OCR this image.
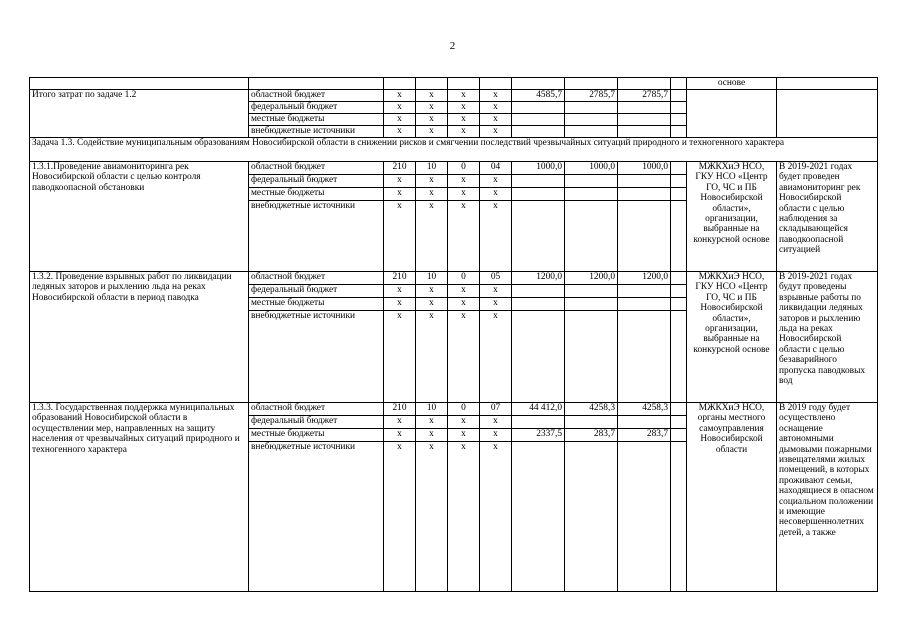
2
										основе	
Итого затрат по задаче 1.2	областной бюджет	х	х	х	х	4585,7	2785,7	2785,7			
	федеральный бюджет	х	х	х	х						
	местные бюджеты	х	х	х	х						
	внебюджетные источники	х	х	х	х						
Задача 1.3. Содействие муниципальным образованиям Новосибирской области в снижении рисков и смягчении последствий чрезвычайных ситуаций природного и техногенного характера											
1.3.1.Проведение авиамониторинга рек Новосибирской области с целью контроля паводкоопасной обстановки	областной бюджет	210	10	0	04	1000,0	1000,0	1000,0		МЖКХиЭ НСО, ГКУ НСО «Центр ГО, ЧС и ПБ Новосибирской области», организации, выбранные на конкурсной основе	В 2019-2021 годах будет проведен авиамониторинг рек Новосибирской области с целью наблюдения за складывающейся паводкоопасной ситуацией
	федеральный бюджет	х	х	х	х						
	местные бюджеты	х	х	х	х						
	внебюджетные источники	х	х	х	х						
1.3.2. Проведение взрывных работ по ликвидации ледяных заторов и рыхлению льда на реках Новосибирской области в период паводка	областной бюджет	210	10	0	05	1200,0	1200,0	1200,0		МЖКХиЭ НСО, ГКУ НСО «Центр ГО, ЧС и ПБ Новосибирской области», организации, выбранные на конкурсной основе	В 2019-2021 годах будут проведены взрывные работы по ликвидации ледяных заторов и рыхлению льда на реках Новосибирской области с целью безаварийного пропуска паводковых вод
	федеральный бюджет	х	х	х	х						
	местные бюджеты	х	х	х	х						
	внебюджетные источники	х	х	х	х						
1.3.3. Государственная поддержка муниципальных образований Новосибирской области в осуществлении мер, направленных на защиту населения от чрезвычайных ситуаций природного и техногенного характера	областной бюджет	210	10	0	07	44 412,0	4258,3	4258,3		МЖКХиЭ НСО, органы местного самоуправления Новосибирской области	В 2019 году будет осуществлено оснащение автономными дымовыми пожарными извещателями жилых помещений, в которых проживают семьи, находящиеся в опасном социальном положении и имеющие несовершеннолетних детей, а также
	федеральный бюджет	х	х	х	х						
	местные бюджеты	х	х	х	х	2337,5	283,7	283,7			
	внебюджетные источники	х	х	х	х						
